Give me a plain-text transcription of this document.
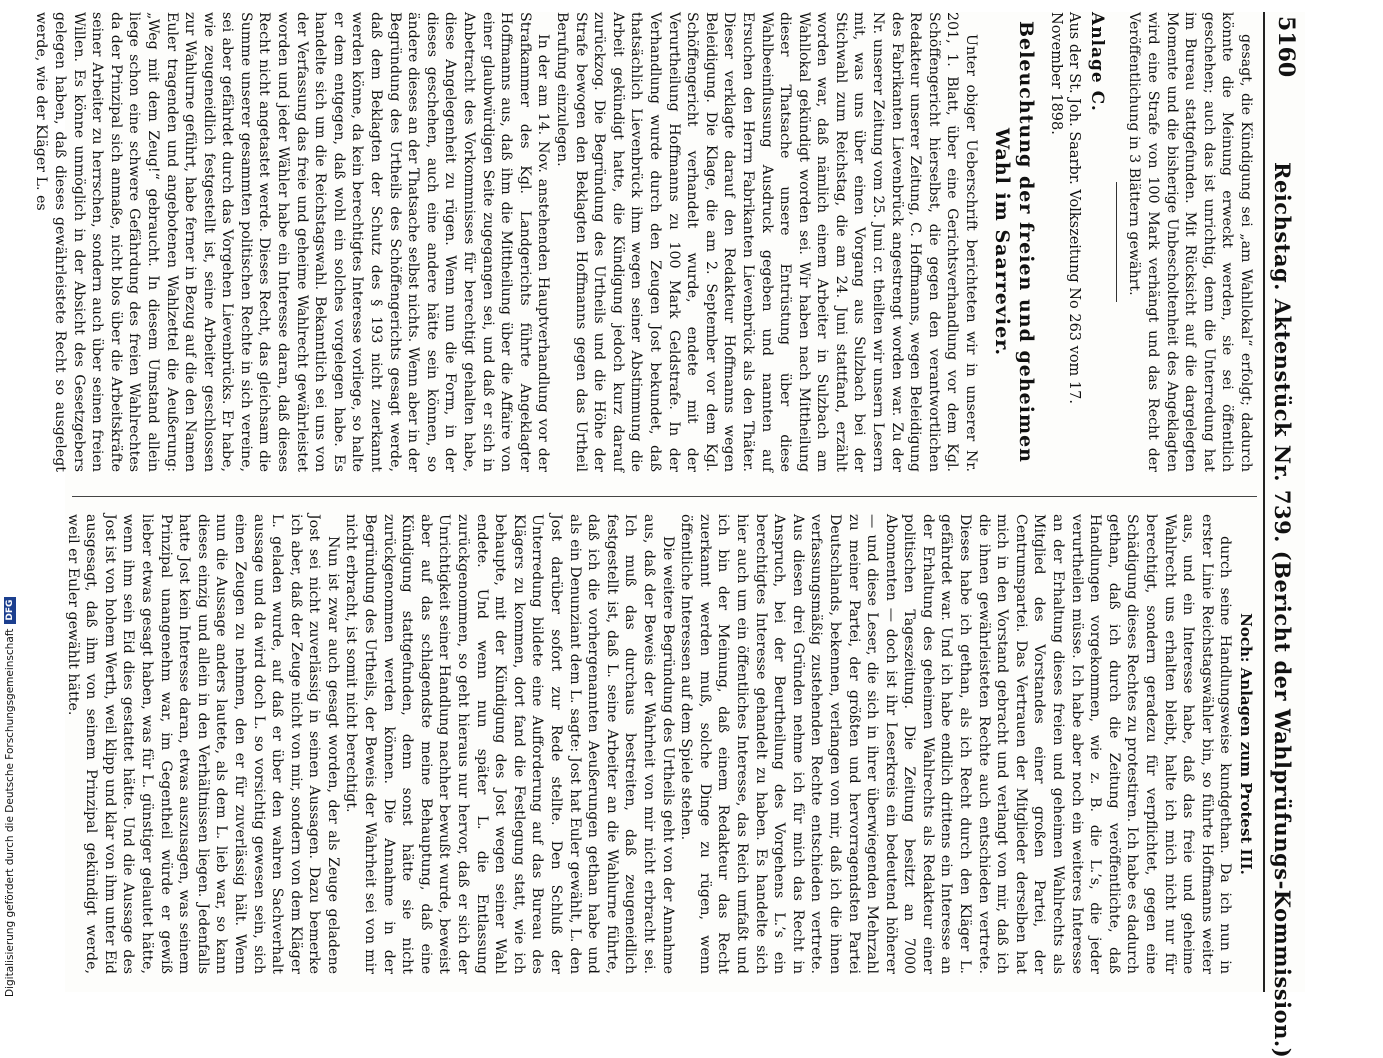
5160
Reichstag. Aktenstück Nr. 739. (Bericht der Wahlprüfungs-Kommission.)

gesagt, die Kündigung sei „am Wahllokal“ erfolgt; dadurch könnte die Meinung erweckt werden, sie sei öffentlich geschehen; auch das ist unrichtig, denn die Unterredung hat im Bureau stattgefunden. Mit Rücksicht auf die dargelegten Momente und die bisherige Unbescholtenheit des Angeklagten wird eine Strafe von 100 Mark verhängt und das Recht der Veröffentlichung in 3 Blättern gewährt.

Anlage C.
Aus der St. Joh. Saarbr. Volkszeitung No 263 vom 17. November 1898.
Beleuchtung der freien und geheimen Wahl im Saarrevier.

Unter obiger Ueberschrift berichteten wir in unserer Nr. 201, 1. Blatt, über eine Gerichtsverhandlung vor dem Kgl. Schöffengericht hierselbst, die gegen den verantwortlichen Redakteur unserer Zeitung, C. Hoffmanns, wegen Beleidigung des Fabrikanten Lievenbrück angestrengt worden war. Zu der Nr. unserer Zeitung vom 25. Juni cr. theilten wir unsern Lesern mit, was uns über einen Vorgang aus Sulzbach bei der Stichwahl zum Reichstag, die am 24. Juni stattfand, erzählt worden war, daß nämlich einem Arbeiter in Sulzbach am Wahllokal gekündigt worden sei. Wir haben nach Mittheilung dieser Thatsache unsere Entrüstung über diese Wahlbeeinflussung Ausdruck gegeben und nannten auf Ersuchen den Herrn Fabrikanten Lievenbrück als den Thäter. Dieser verklagte darauf den Redakteur Hoffmanns wegen Beleidigung. Die Klage, die am 2. September vor dem Kgl. Schöffengericht verhandelt wurde, endete mit der Verurtheilung Hoffmanns zu 100 Mark Geldstrafe. In der Verhandlung wurde durch den Zeugen Jost bekundet, daß thatsächlich Lievenbrück ihm wegen seiner Abstimmung die Arbeit gekündigt hatte, die Kündigung jedoch kurz darauf zurückzog. Die Begründung des Urtheils und die Höhe der Strafe bewogen den Beklagten Hoffmanns gegen das Urtheil Berufung einzulegen.

In der am 14. Nov. anstehenden Hauptverhandlung vor der Strafkammer des Kgl. Landgerichts führte Angeklagter Hoffmanns aus, daß ihm die Mittheilung über die Affaire von einer glaubwürdigen Seite zugegangen sei, und daß er sich in Anbetracht des Vorkommnisses für berechtigt gehalten habe, diese Angelegenheit zu rügen. Wenn nun die Form, in der dieses geschehen, auch eine andere hätte sein können, so ändere dieses an der Thatsache selbst nichts. Wenn aber in der Begründung des Urtheils des Schöffengerichts gesagt werde, daß dem Beklagten der Schutz des § 193 nicht zuerkannt werden könne, da kein berechtigtes Interesse vorliege, so halte er dem entgegen, daß wohl ein solches vorgelegen habe. Es handelte sich um die Reichstagswahl. Bekanntlich sei uns von der Verfassung das freie und geheime Wahlrecht gewährleistet worden und jeder Wähler habe ein Interesse daran, daß dieses Recht nicht angetastet werde. Dieses Recht, das gleichsam die Summe unserer gesammten politischen Rechte in sich vereine, sei aber gefährdet durch das Vorgehen Lievenbrücks. Er habe, wie zeugeneidlich festgestellt ist, seine Arbeiter geschlossen zur Wahlurne geführt, habe ferner in Bezug auf die den Namen Euler tragenden und angebotenen Wahlzettel die Aeußerung: „Weg mit dem Zeug!“ gebraucht. In diesem Umstand allein liege schon eine schwere Gefährdung des freien Wahlrechtes da der Prinzipal sich anmaße, nicht blos über die Arbeitskräfte seiner Arbeiter zu herrschen, sondern auch über seinen freien Willen. Es könne unmöglich in der Absicht des Gesetzgebers gelegen haben, daß dieses gewährleistete Recht so ausgelegt werde, wie der Kläger L. es

Noch: Anlagen zum Protest III.

durch seine Handlungsweise kundgethan. Da ich nun in erster Linie Reichstagswähler bin, so führte Hoffmanns weiter aus, und ein Interesse habe, daß das freie und geheime Wahlrecht uns erhalten bleibt, halte ich mich nicht nur für berechtigt, sondern geradezu für verpflichtet, gegen eine Schädigung dieses Rechtes zu protestiren. Ich habe es dadurch gethan, daß ich durch die Zeitung veröffentlichte, daß Handlungen vorgekommen, wie z. B. die L.’s, die jeder verurtheilen müsse. Ich habe aber noch ein weiteres Interesse an der Erhaltung dieses freien und geheimen Wahlrechts als Mitglied des Vorstandes einer großen Partei, der Centrumspartei. Das Vertrauen der Mitglieder derselben hat mich in den Vorstand gebracht und verlangt von mir, daß ich die ihnen gewährleisteten Rechte auch entschieden vertrete. Dieses habe ich gethan, als ich Recht durch den Kläger L. gefährdet war. Und ich habe endlich drittens ein Interesse an der Erhaltung des geheimen Wahlrechts als Redakteur einer politischen Tageszeitung. Die Zeitung besitzt an 7000 Abonnenten — doch ist ihr Leserkreis ein bedeutend höherer — und diese Leser, die sich in ihrer überwiegenden Mehrzahl zu meiner Partei, der größten und hervorragendsten Partei Deutschlands, bekennen, verlangen von mir, daß ich die ihnen verfassungsmäßig zustehenden Rechte entschieden vertrete. Aus diesen drei Gründen nehme ich für mich das Recht in Anspruch, bei der Beurtheilung des Vorgehens L.’s ein berechtigtes Interesse gehandelt zu haben. Es handelte sich hier auch um ein öffentliches Interesse, das Reich umfaßt und ich bin der Meinung, daß einem Redakteur das Recht zuerkannt werden muß, solche Dinge zu rügen, wenn öffentliche Interessen auf dem Spiele stehen.

Die weitere Begründung des Urtheils geht von der Annahme aus, daß der Beweis der Wahrheit von mir nicht erbracht sei. Ich muß das durchaus bestreiten, daß zeugeneidlich festgestellt ist, daß L. seine Arbeiter an die Wahlurne führte, daß ich die vorhergenannten Aeußerungen gethan habe und als ein Denunziant dem L. sagte: Jost hat Euler gewählt, L. den Jost darüber sofort zur Rede stellte. Den Schluß der Unterredung bildete eine Aufforderung auf das Bureau des Klägers zu kommen, dort fand die Festlegung statt, wie ich behaupte, mit der Kündigung des Jost wegen seiner Wahl endete. Und wenn nun später L. die Entlassung zurückgenommen, so geht hieraus nur hervor, daß er sich der Unrichtigkeit seiner Handlung nachher bewußt wurde, beweist aber auf das schlagendste meine Behauptung, daß eine Kündigung stattgefunden, denn sonst hätte sie nicht zurückgenommen werden können. Die Annahme in der Begründung des Urtheils, der Beweis der Wahrheit sei von mir nicht erbracht, ist somit nicht berechtigt.

Nun ist zwar auch gesagt worden, der als Zeuge geladene Jost sei nicht zuverlässig in seinen Aussagen. Dazu bemerke ich aber, daß der Zeuge nicht von mir, sondern von dem Kläger L. geladen wurde, auf daß er über den wahren Sachverhalt aussage und da wird doch L. so vorsichtig gewesen sein, sich einen Zeugen zu nehmen, den er für zuverlässig hält. Wenn nun die Aussage anders lautete, als dem L. lieb war, so kann dieses einzig und allein in den Verhältnissen liegen. Jedenfalls hatte Jost kein Interesse daran, etwas auszusagen, was seinem Prinzipal unangenehm war, im Gegentheil würde er gewiß lieber etwas gesagt haben, was für L. günstiger gelautet hätte, wenn ihm sein Eid dies gestattet hätte. Und die Aussage des Jost ist von hohem Werth, weil klipp und klar von ihm unter Eid ausgesagt, daß ihm von seinem Prinzipal gekündigt werde, weil er Euler gewählt hätte.

Digitalisierung gefördert durch die Deutsche Forschungsgemeinschaft
DFG
